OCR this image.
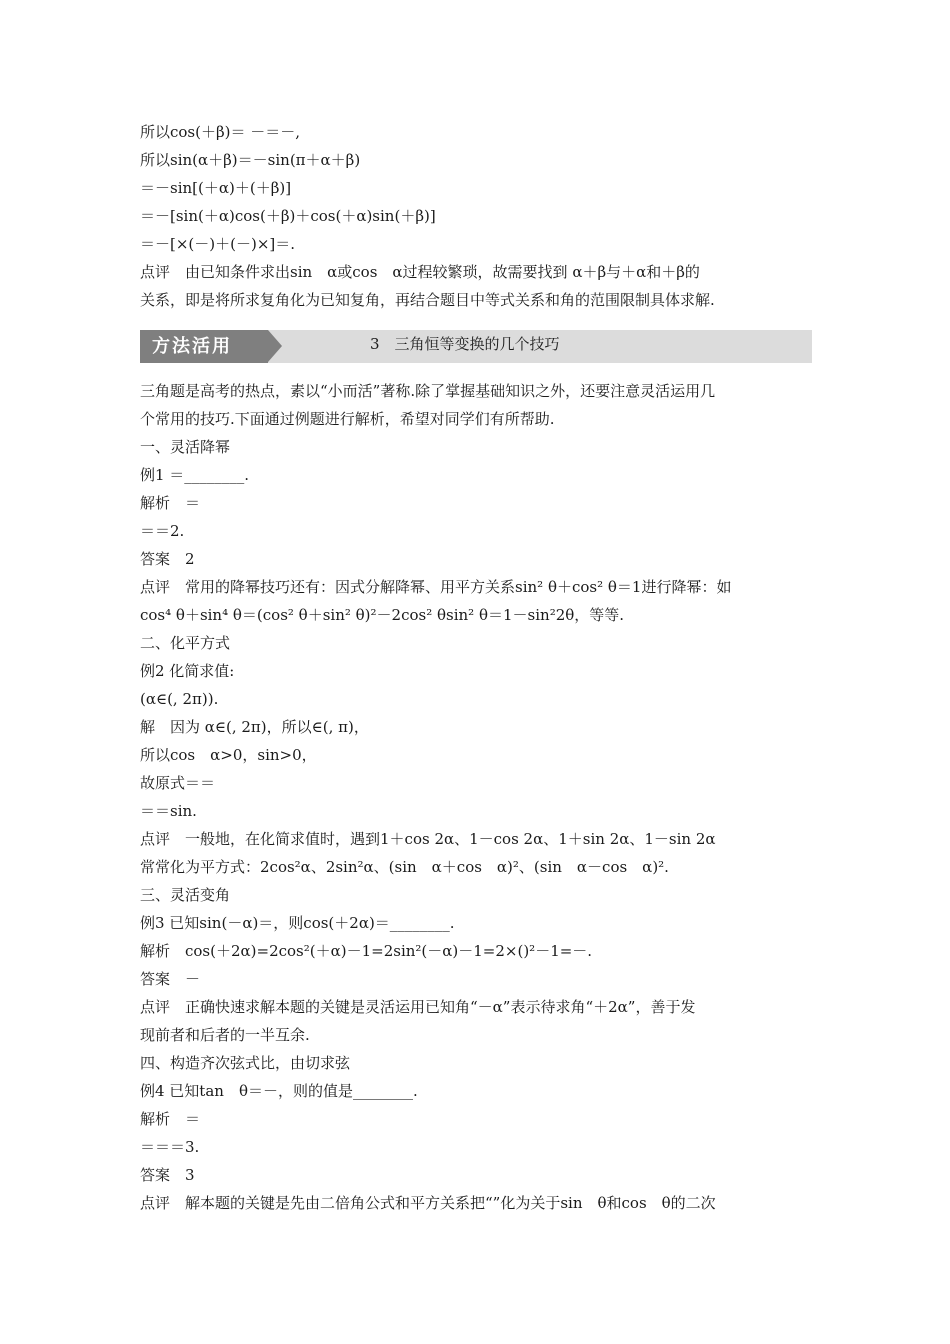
所以cos(＋β)＝ －＝－,
所以sin(α＋β)＝－sin(π＋α＋β)
＝－sin[(＋α)＋(＋β)]
＝－[sin(＋α)cos(＋β)＋cos(＋α)sin(＋β)]
＝－[×(－)＋(－)×]＝.
点评　由已知条件求出sin　α或cos　α过程较繁琐，故需要找到 α＋β与＋α和＋β的
关系，即是将所求复角化为已知复角，再结合题目中等式关系和角的范围限制具体求解.
方法活用	3　三角恒等变换的几个技巧
三角题是高考的热点，素以“小而活”著称.除了掌握基础知识之外，还要注意灵活运用几
个常用的技巧.下面通过例题进行解析，希望对同学们有所帮助.
一、灵活降幂
例1 ＝________.
解析　＝
＝＝2.
答案　2
点评　常用的降幂技巧还有：因式分解降幂、用平方关系sin² θ＋cos² θ＝1进行降幂：如
cos⁴ θ＋sin⁴ θ＝(cos² θ＋sin² θ)²－2cos² θsin² θ＝1－sin²2θ，等等.
二、化平方式
例2 化简求值:
(α∈(, 2π)).
解　因为 α∈(, 2π)，所以∈(, π)，
所以cos　α>0，sin>0，
故原式＝＝
＝＝sin.
点评　一般地，在化简求值时，遇到1＋cos 2α、1－cos 2α、1＋sin 2α、1－sin 2α
常常化为平方式：2cos²α、2sin²α、(sin　α＋cos　α)²、(sin　α－cos　α)².
三、灵活变角
例3 已知sin(－α)＝，则cos(＋2α)＝________.
解析　cos(＋2α)=2cos²(＋α)－1=2sin²(－α)－1=2×()²－1=－.
答案　－
点评　正确快速求解本题的关键是灵活运用已知角“－α”表示待求角“＋2α”，善于发
现前者和后者的一半互余.
四、构造齐次弦式比，由切求弦
例4 已知tan　θ＝－，则的值是________.
解析　＝
＝＝＝3.
答案　3
点评　解本题的关键是先由二倍角公式和平方关系把“”化为关于sin　θ和cos　θ的二次
